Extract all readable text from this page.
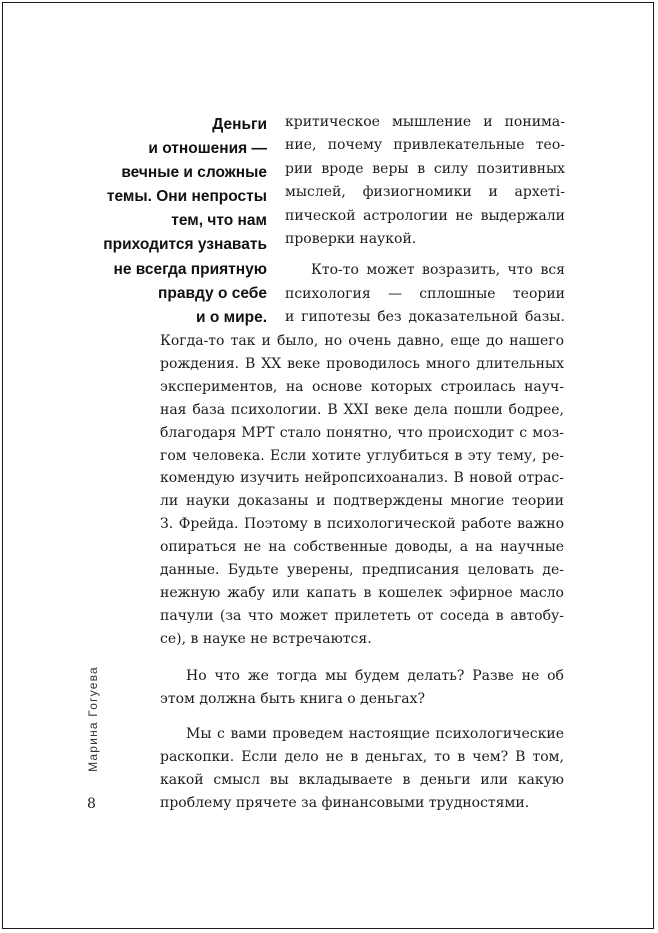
Деньги
и отношения —
вечные и сложные
темы. Они непросты
тем, что нам
приходится узнавать
не всегда приятную
правду о себе
и о мире.
критическое мышление и понима-
ние, почему привлекательные тео-
рии вроде веры в силу позитивных
мыслей, физиогномики и археті-
пической астрологии не выдержали
проверки наукой.
Кто-то может возразить, что вся
психология — сплошные теории
и гипотезы без доказательной базы.
Когда-то так и было, но очень давно, еще до нашего
рождения. В XX веке проводилось много длительных
экспериментов, на основе которых строилась науч-
ная база психологии. В XXI веке дела пошли бодрее,
благодаря МРТ стало понятно, что происходит с моз-
гом человека. Если хотите углубиться в эту тему, ре-
комендую изучить нейропсихоанализ. В новой отрас-
ли науки доказаны и подтверждены многие теории
З. Фрейда. Поэтому в психологической работе важно
опираться не на собственные доводы, а на научные
данные. Будьте уверены, предписания целовать де-
нежную жабу или капать в кошелек эфирное масло
пачули (за что может прилететь от соседа в автобу-
се), в науке не встречаются.
Но что же тогда мы будем делать? Разве не об
этом должна быть книга о деньгах?
Мы с вами проведем настоящие психологические
раскопки. Если дело не в деньгах, то в чем? В том,
какой смысл вы вкладываете в деньги или какую
проблему прячете за финансовыми трудностями.
Марина Гогуева
8
